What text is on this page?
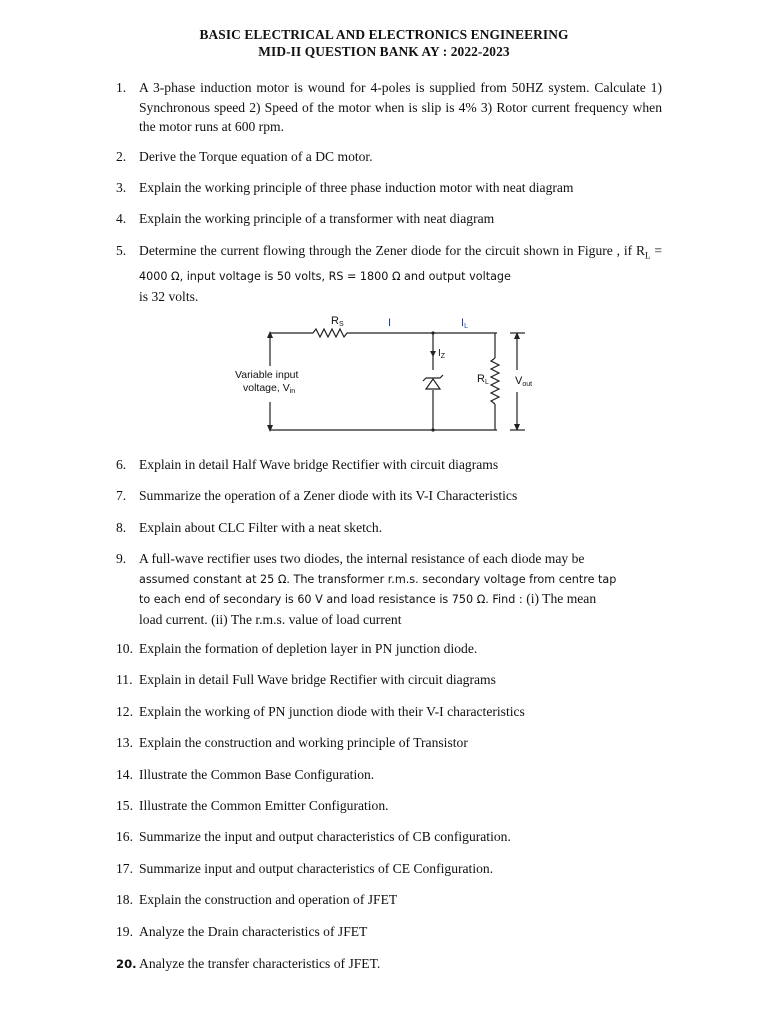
BASIC ELECTRICAL AND ELECTRONICS ENGINEERING
MID-II QUESTION BANK AY : 2022-2023
1. A 3-phase induction motor is wound for 4-poles is supplied from 50HZ system. Calculate 1) Synchronous speed 2) Speed of the motor when is slip is 4% 3) Rotor current frequency when the motor runs at 600 rpm.
2. Derive the Torque equation of a DC motor.
3. Explain the working principle of three phase induction motor with neat diagram
4. Explain the working principle of a transformer with neat diagram
5. Determine the current flowing through the Zener diode for the circuit shown in Figure , if $R_L = 4000$ Ω, input voltage is 50 volts, RS = 1800 Ω and output voltage
is 32 volts.
RS	I	IL
$I_Z$
RL Vout
Variable input
voltage, Vin
6. Explain in detail Half Wave bridge Rectifier with circuit diagrams
7. Summarize the operation of a Zener diode with its V-I Characteristics
8. Explain about CLC Filter with a neat sketch.
9. A full-wave rectifier uses two diodes, the internal resistance of each diode may be
assumed constant at 25 Ω. The transformer r.m.s. secondary voltage from centre tap
to each end of secondary is 60 V and load resistance is 750 Ω. Find : (i) The mean
load current. (ii) The r.m.s. value of load current
10. Explain the formation of depletion layer in PN junction diode.
11. Explain in detail Full Wave bridge Rectifier with circuit diagrams
12. Explain the working of PN junction diode with their V-I characteristics
13. Explain the construction and working principle of Transistor
14. Illustrate the Common Base Configuration.
15. Illustrate the Common Emitter Configuration.
16. Summarize the input and output characteristics of CB configuration.
17. Summarize input and output characteristics of CE Configuration.
18. Explain the construction and operation of JFET
19. Analyze the Drain characteristics of JFET
20. Analyze the transfer characteristics of JFET.
